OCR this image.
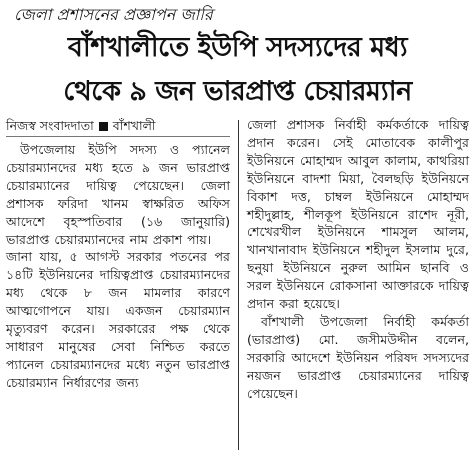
জেলা প্রশাসনের প্রজ্ঞাপন জারি
বাঁশখালীতে ইউপি সদস্যদের মধ্য
থেকে ৯ জন ভারপ্রাপ্ত চেয়ারম্যান
নিজস্ব সংবাদদাতা বাঁশখালী

উপজেলায় ইউপি সদস্য ও প্যানেল চেয়ারম্যানদের মধ্য হতে ৯ জন ভারপ্রাপ্ত চেয়ারম্যানের দায়িত্ব পেয়েছেন। জেলা প্রশাসক ফরিদা খানম স্বাক্ষরিত অফিস আদেশে বৃহস্পতিবার (১৬ জানুয়ারি) ভারপ্রাপ্ত চেয়ারম্যানদের নাম প্রকাশ পায়।

জানা যায়, ৫ আগস্ট সরকার পতনের পর ১৪টি ইউনিয়নের দায়িত্বপ্রাপ্ত চেয়ারম্যানদের মধ্য থেকে ৮ জন মামলার কারণে আত্মগোপনে যায়। একজন চেয়ারম্যান মৃত্যুবরণ করেন। সরকারের পক্ষ থেকে সাধারণ মানুষের সেবা নিশ্চিত করতে প্যানেল চেয়ারম্যানদের মধ্যে নতুন ভারপ্রাপ্ত চেয়ারম্যান নির্ধারণের জন্য

জেলা প্রশাসক নির্বাহী কর্মকর্তাকে দায়িত্ব প্রদান করেন। সেই মোতাবেক কালীপুর ইউনিয়নে মোহাম্মদ আবুল কালাম, কাথরিয়া ইউনিয়নে বাদশা মিয়া, বৈলছড়ি ইউনিয়নে বিকাশ দত্ত, চাম্বল ইউনিয়নে মোহাম্মদ শহীদুল্লাহ, শীলকূপ ইউনিয়নে রাশেদ নূরী, শেখেরখীল ইউনিয়নে শামসুল আলম, খানখানাবাদ ইউনিয়নে শহীদুল ইসলাম দুরে, ছনুয়া ইউনিয়নে নুরুল আমিন ছানবি ও সরল ইউনিয়নে রোকসানা আক্তারকে দায়িত্ব প্রদান করা হয়েছে।

বাঁশখালী উপজেলা নির্বাহী কর্মকর্তা (ভারপ্রাপ্ত) মো. জসীমউদ্দীন বলেন, সরকারি আদেশে ইউনিয়ন পরিষদ সদস্যদের নয়জন ভারপ্রাপ্ত চেয়ারম্যানের দায়িত্ব পেয়েছেন।
